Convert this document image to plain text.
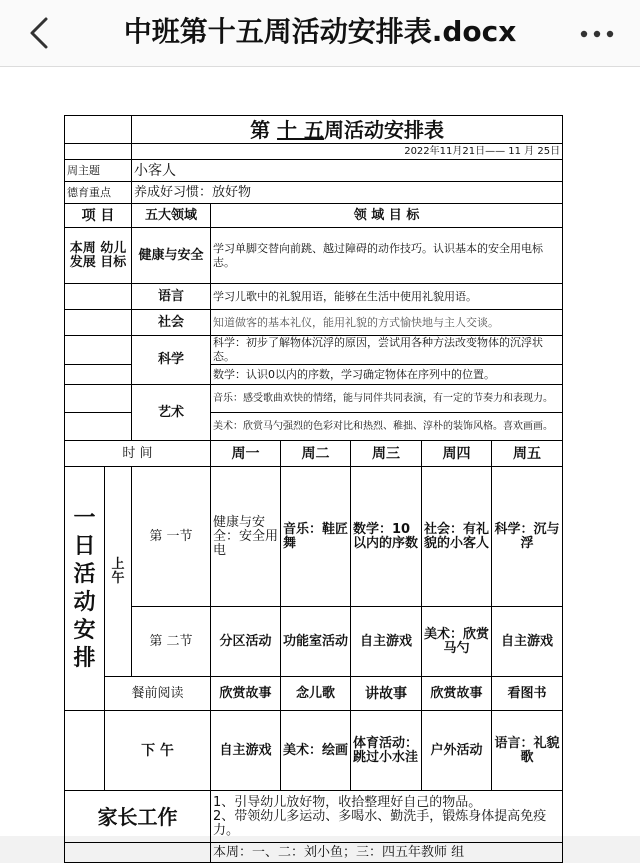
中班第十五周活动安排表.docx
		第 十 五周活动安排表					
		2022年11月21日—— 11 月 25日					
周主题		小客人					
德育重点		养成好习惯：放好物					
项 目		五大领域	领 域 目 标				
本周 幼儿发展 目标		健康与安全	学习单脚交替向前跳、越过障碍的动作技巧。认识基本的安全用电标志。				
		语言	学习儿歌中的礼貌用语，能够在生活中使用礼貌用语。				
		社会	知道做客的基本礼仪，能用礼貌的方式愉快地与主人交谈。				
		科学	科学：初步了解物体沉浮的原因，尝试用各种方法改变物体的沉浮状态。				
			数学：认识0以内的序数，学习确定物体在序列中的位置。				
		艺术	音乐：感受歌曲欢快的情绪，能与同伴共同表演，有一定的节奏力和表现力。				
			美术：欣赏马勺强烈的色彩对比和热烈、稚拙、淳朴的装饰风格。喜欢画画。				
时 间			周一	周二	周三	周四	周五
一日活动安排	上午	第 一节	健康与安全：安全用电	音乐：鞋匠舞	数学：10以内的序数	社会：有礼貌的小客人	科学：沉与浮
		第 二节	分区活动	功能室活动	自主游戏	美术：欣赏马勺	自主游戏
	餐前阅读		欣赏故事	念儿歌	讲故事	欣赏故事	看图书
	下 午		自主游戏	美术：绘画	体育活动：跳过小水洼	户外活动	语言：礼貌歌
家长工作			1、引导幼儿放好物，收拾整理好自己的物品。
2、带领幼儿多运动、多喝水、勤洗手，锻炼身体提高免疫力。				

			本周：一、二：刘小鱼；三：四五年教师 组				
